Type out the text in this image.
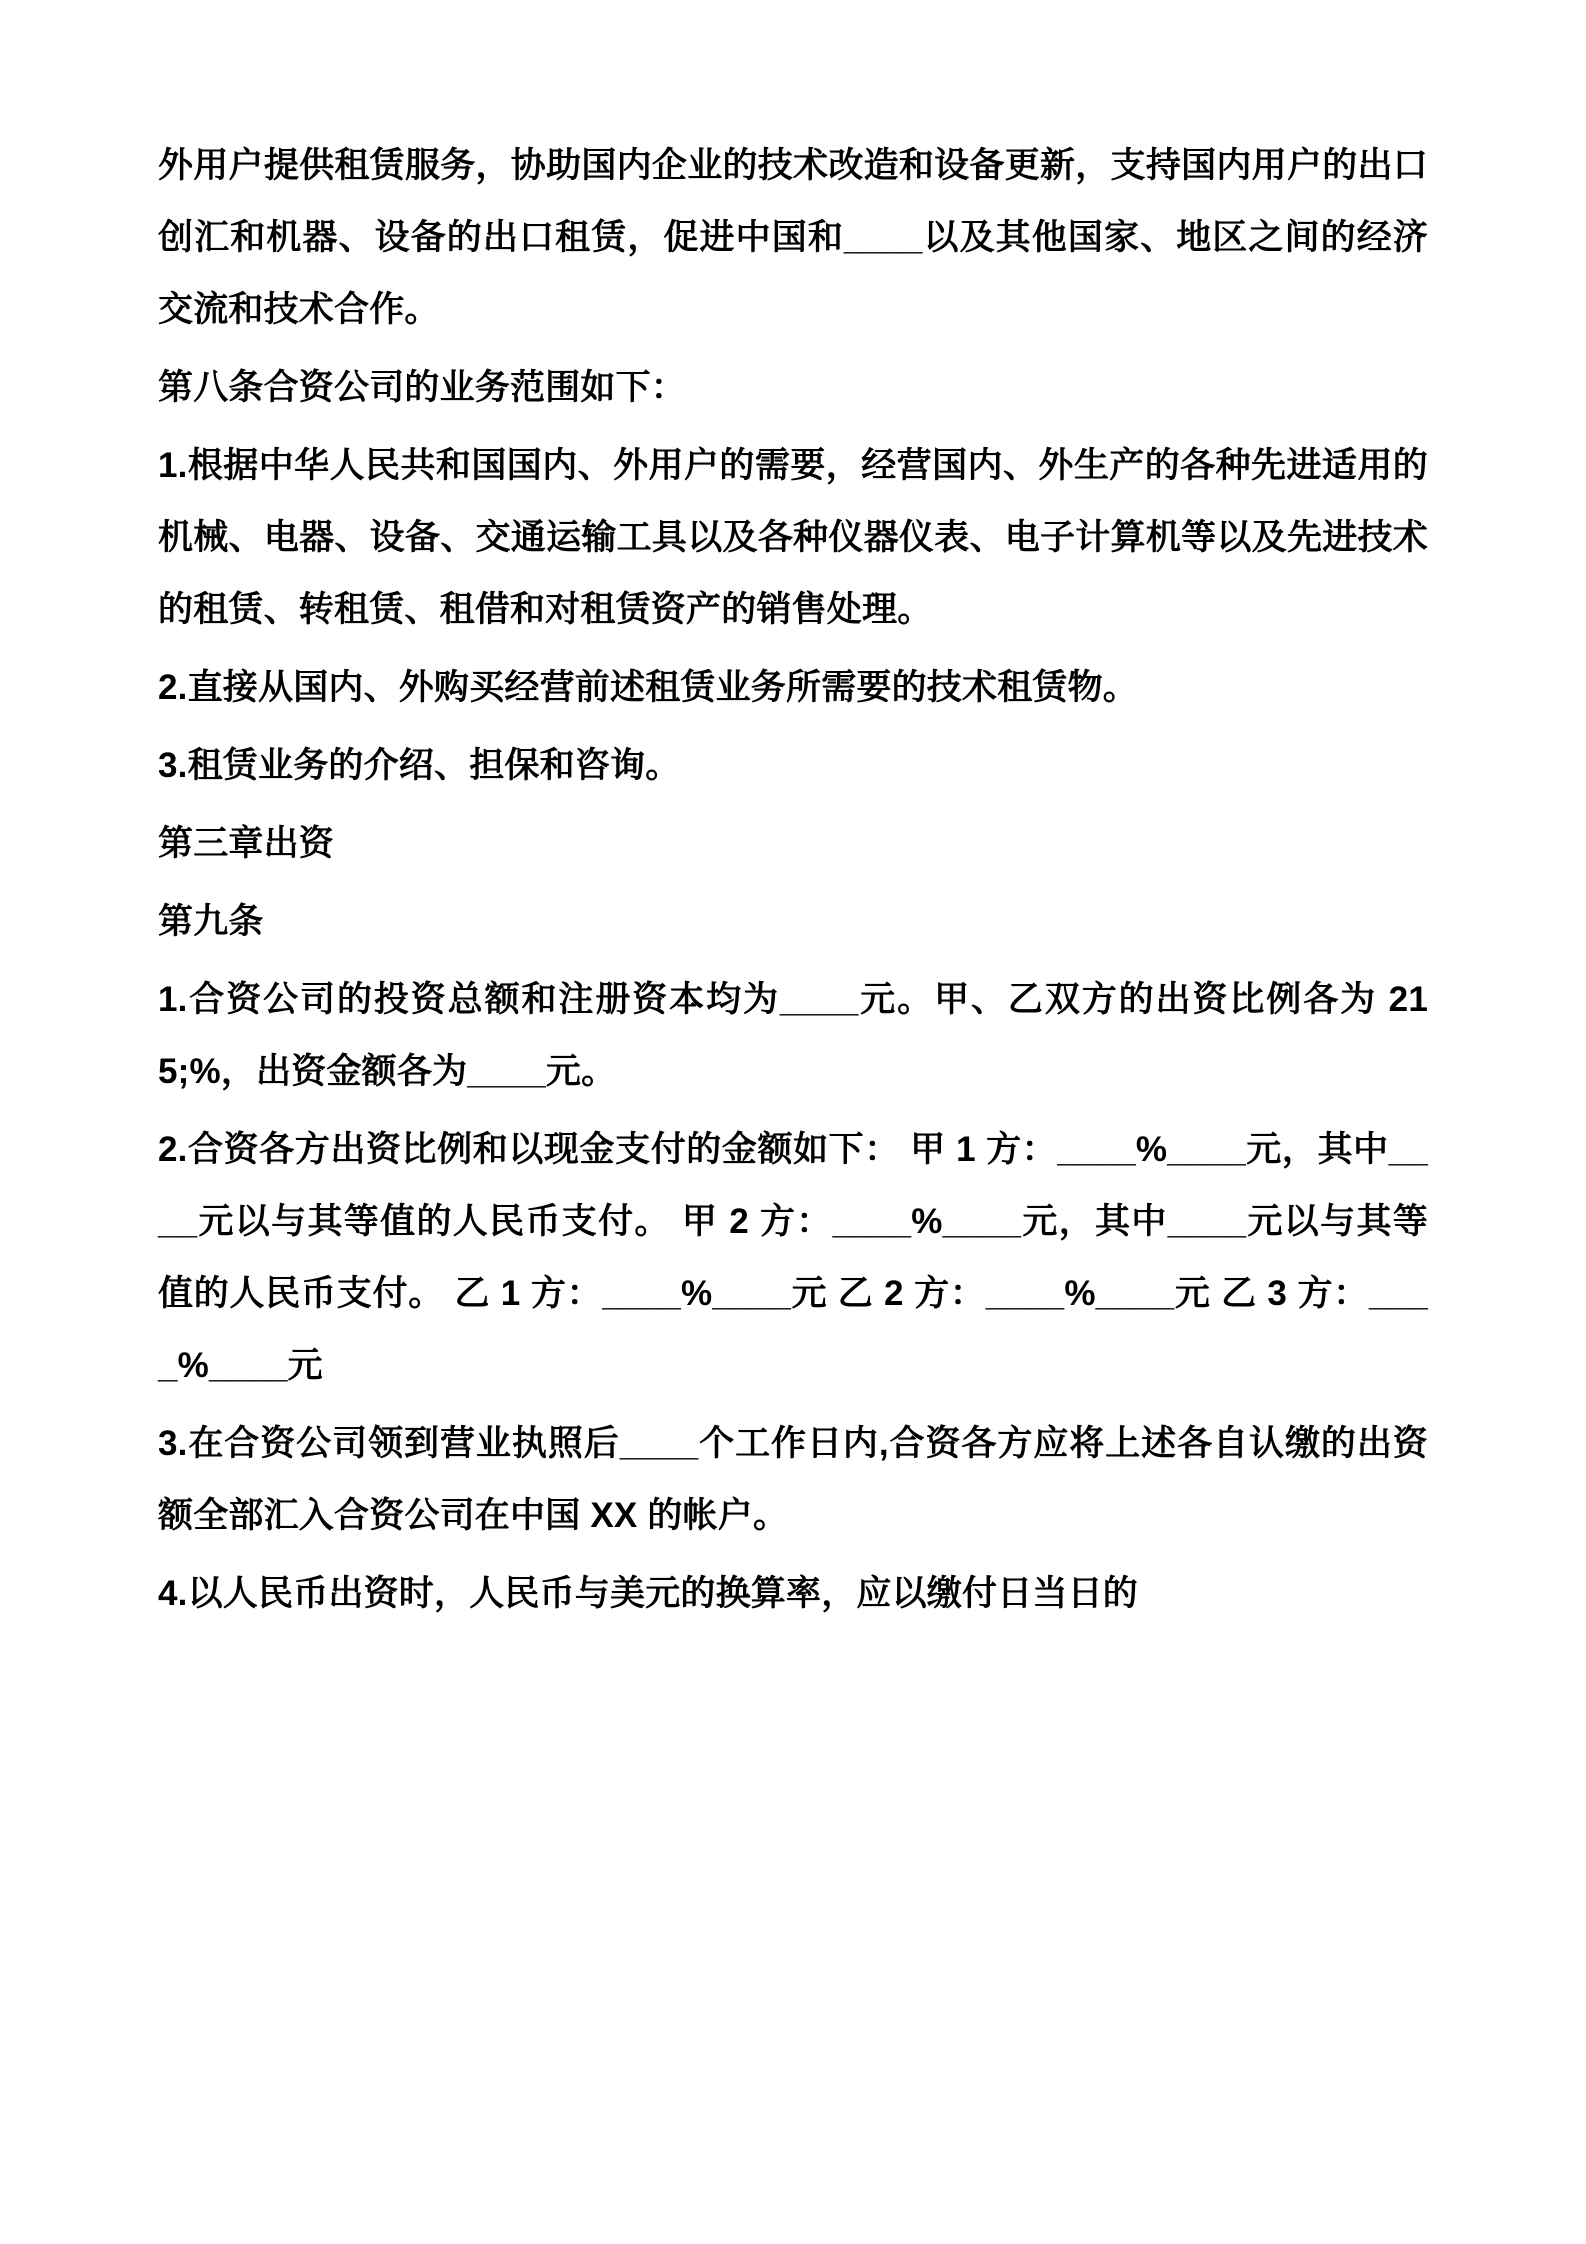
外用户提供租赁服务，协助国内企业的技术改造和设备更新，支持国内用户的出口创汇和机器、设备的出口租赁，促进中国和____以及其他国家、地区之间的经济交流和技术合作。

第八条合资公司的业务范围如下：

1.根据中华人民共和国国内、外用户的需要，经营国内、外生产的各种先进适用的机械、电器、设备、交通运输工具以及各种仪器仪表、电子计算机等以及先进技术的租赁、转租赁、租借和对租赁资产的销售处理。

2.直接从国内、外购买经营前述租赁业务所需要的技术租赁物。

3.租赁业务的介绍、担保和咨询。

第三章出资

第九条

1.合资公司的投资总额和注册资本均为____元。甲、乙双方的出资比例各为 215;%，出资金额各为____元。

2.合资各方出资比例和以现金支付的金额如下： 甲 1 方：____%____元，其中____元以与其等值的人民币支付。 甲 2 方：____%____元，其中____元以与其等值的人民币支付。 乙 1 方：____%____元 乙 2 方：____%____元 乙 3 方：____%____元

3.在合资公司领到营业执照后____个工作日内,合资各方应将上述各自认缴的出资额全部汇入合资公司在中国 XX 的帐户。

4.以人民币出资时，人民币与美元的换算率，应以缴付日当日的
